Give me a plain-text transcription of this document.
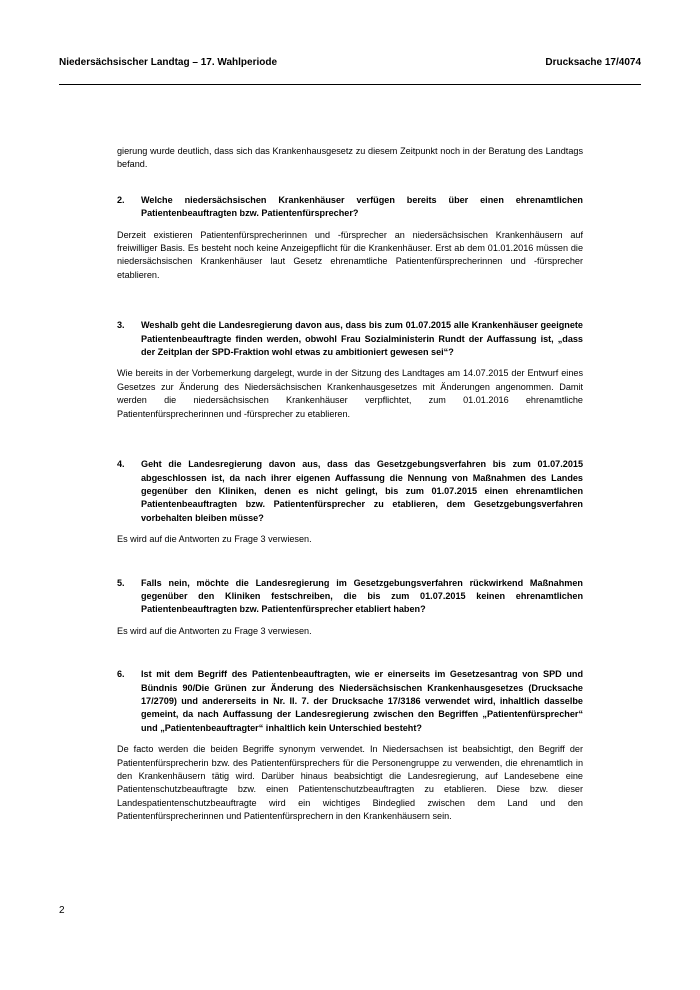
Niedersächsischer Landtag – 17. Wahlperiode	Drucksache 17/4074

gierung wurde deutlich, dass sich das Krankenhausgesetz zu diesem Zeitpunkt noch in der Beratung des Landtags befand.

2.	Welche niedersächsischen Krankenhäuser verfügen bereits über einen ehrenamtlichen Patientenbeauftragten bzw. Patientenfürsprecher?

Derzeit existieren Patientenfürsprecherinnen und -fürsprecher an niedersächsischen Krankenhäusern auf freiwilliger Basis. Es besteht noch keine Anzeigepflicht für die Krankenhäuser. Erst ab dem 01.01.2016 müssen die niedersächsischen Krankenhäuser laut Gesetz ehrenamtliche Patientenfürsprecherinnen und -fürsprecher etablieren.

3.	Weshalb geht die Landesregierung davon aus, dass bis zum 01.07.2015 alle Krankenhäuser geeignete Patientenbeauftragte finden werden, obwohl Frau Sozialministerin Rundt der Auffassung ist, „dass der Zeitplan der SPD-Fraktion wohl etwas zu ambitioniert gewesen sei“?

Wie bereits in der Vorbemerkung dargelegt, wurde in der Sitzung des Landtages am 14.07.2015 der Entwurf eines Gesetzes zur Änderung des Niedersächsischen Krankenhausgesetzes mit Änderungen angenommen. Damit werden die niedersächsischen Krankenhäuser verpflichtet, zum 01.01.2016 ehrenamtliche Patientenfürsprecherinnen und -fürsprecher zu etablieren.

4.	Geht die Landesregierung davon aus, dass das Gesetzgebungsverfahren bis zum 01.07.2015 abgeschlossen ist, da nach ihrer eigenen Auffassung die Nennung von Maßnahmen des Landes gegenüber den Kliniken, denen es nicht gelingt, bis zum 01.07.2015 einen ehrenamtlichen Patientenbeauftragten bzw. Patientenfürsprecher zu etablieren, dem Gesetzgebungsverfahren vorbehalten bleiben müsse?

Es wird auf die Antworten zu Frage 3 verwiesen.

5.	Falls nein, möchte die Landesregierung im Gesetzgebungsverfahren rückwirkend Maßnahmen gegenüber den Kliniken festschreiben, die bis zum 01.07.2015 keinen ehrenamtlichen Patientenbeauftragten bzw. Patientenfürsprecher etabliert haben?

Es wird auf die Antworten zu Frage 3 verwiesen.

6.	Ist mit dem Begriff des Patientenbeauftragten, wie er einerseits im Gesetzesantrag von SPD und Bündnis 90/Die Grünen zur Änderung des Niedersächsischen Krankenhausgesetzes (Drucksache 17/2709) und andererseits in Nr. II. 7. der Drucksache 17/3186 verwendet wird, inhaltlich dasselbe gemeint, da nach Auffassung der Landesregierung zwischen den Begriffen „Patientenfürsprecher“ und „Patientenbeauftragter“ inhaltlich kein Unterschied besteht?

De facto werden die beiden Begriffe synonym verwendet. In Niedersachsen ist beabsichtigt, den Begriff der Patientenfürsprecherin bzw. des Patientenfürsprechers für die Personengruppe zu verwenden, die ehrenamtlich in den Krankenhäusern tätig wird. Darüber hinaus beabsichtigt die Landesregierung, auf Landesebene eine Patientenschutzbeauftragte bzw. einen Patientenschutzbeauftragten zu etablieren. Diese bzw. dieser Landespatientenschutzbeauftragte wird ein wichtiges Bindeglied zwischen dem Land und den Patientenfürsprecherinnen und Patientenfürsprechern in den Krankenhäusern sein.

2
